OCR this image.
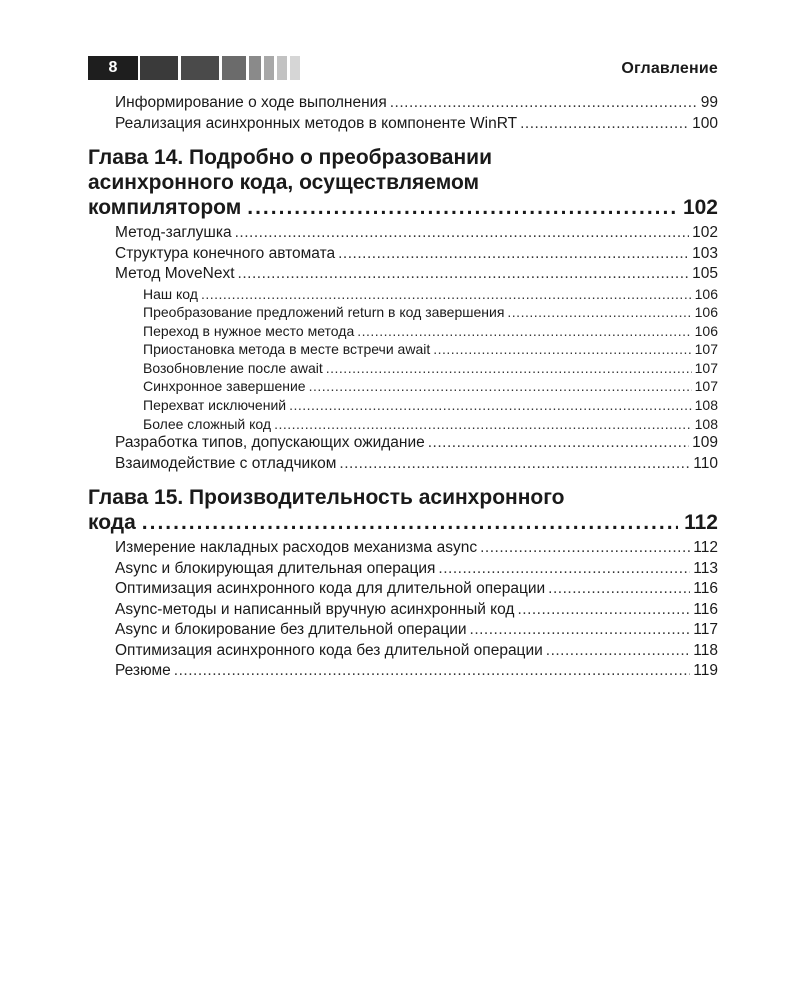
8	Оглавление
Информирование о ходе выполнения .....	99
Реализация асинхронных методов в компоненте WinRT .....	100
Глава 14. Подробно о преобразовании
асинхронного кода, осуществляемом
компилятором .....	102
Метод-заглушка .....	102
Структура конечного автомата .....	103
Метод MoveNext .....	105
Наш код .....	106
Преобразование предложений return в код завершения .....	106
Переход в нужное место метода .....	106
Приостановка метода в месте встречи await .....	107
Возобновление после await .....	107
Синхронное завершение .....	107
Перехват исключений .....	108
Более сложный код .....	108
Разработка типов, допускающих ожидание .....	109
Взаимодействие с отладчиком .....	110
Глава 15. Производительность асинхронного
кода .....	112
Измерение накладных расходов механизма async .....	112
Async и блокирующая длительная операция .....	113
Оптимизация асинхронного кода для длительной операции .....	116
Async-методы и написанный вручную асинхронный код .....	116
Async и блокирование без длительной операции .....	117
Оптимизация асинхронного кода без длительной операции .....	118
Резюме .....	119
